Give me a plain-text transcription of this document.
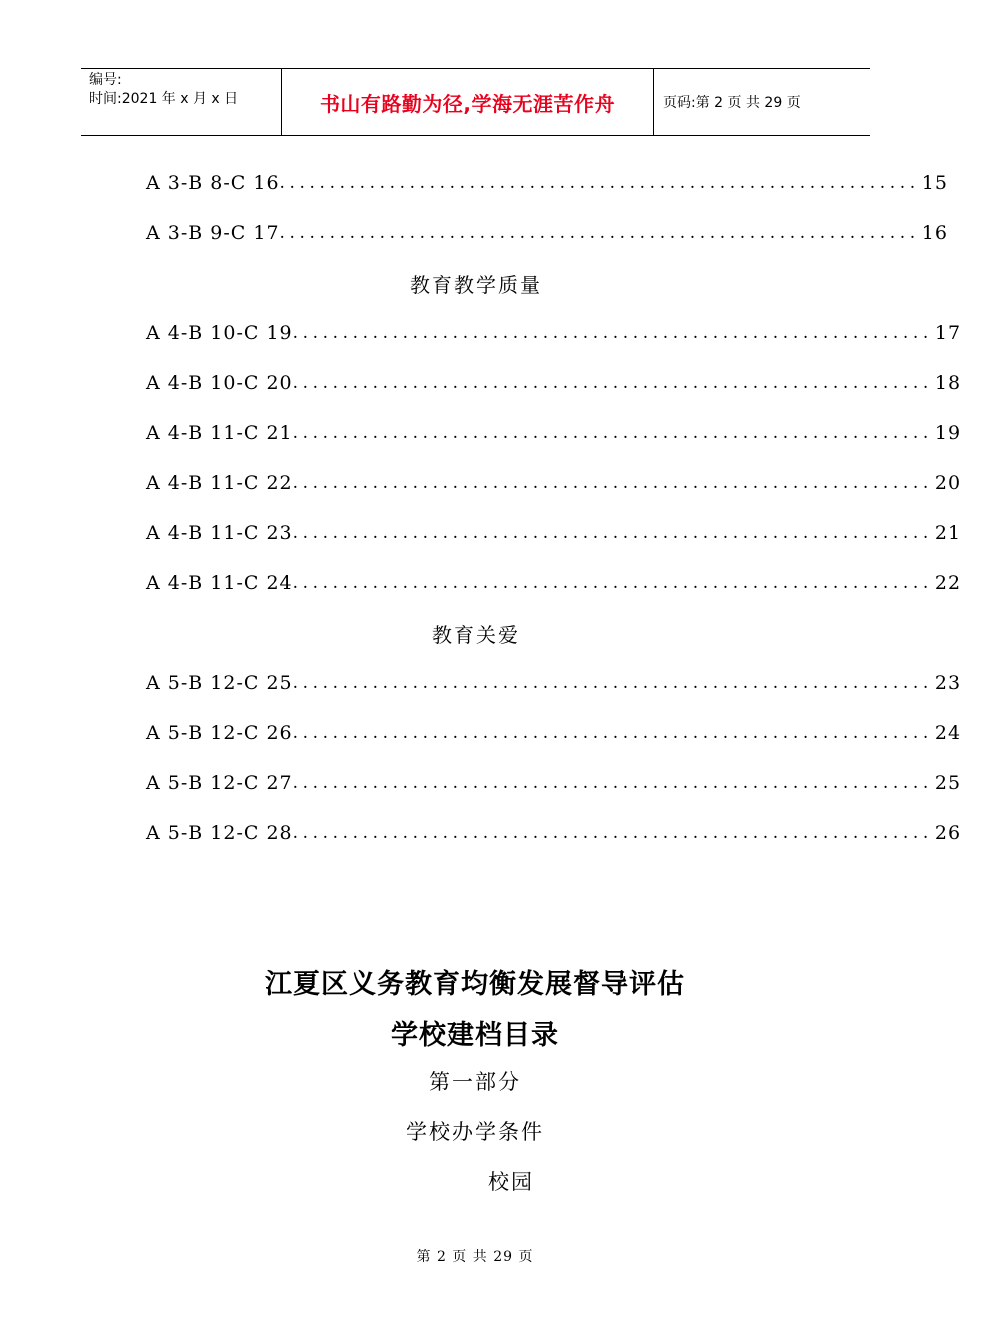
编号:
时间:2021 年 x 月 x 日	书山有路勤为径,学海无涯苦作舟	页码:第 2 页 共 29 页
A 3-B 8-C 16 ................................................................ 15
A 3-B 9-C 17 ................................................................ 16
教育教学质量
A 4-B 10-C 19 ................................................................ 17
A 4-B 10-C 20 ................................................................ 18
A 4-B 11-C 21 ................................................................ 19
A 4-B 11-C 22 ................................................................ 20
A 4-B 11-C 23 ................................................................ 21
A 4-B 11-C 24 ................................................................ 22
教育关爱
A 5-B 12-C 25 ................................................................ 23
A 5-B 12-C 26 ................................................................ 24
A 5-B 12-C 27 ................................................................ 25
A 5-B 12-C 28 ................................................................ 26
江夏区义务教育均衡发展督导评估
学校建档目录
第一部分
学校办学条件
校园
第 2 页 共 29 页
